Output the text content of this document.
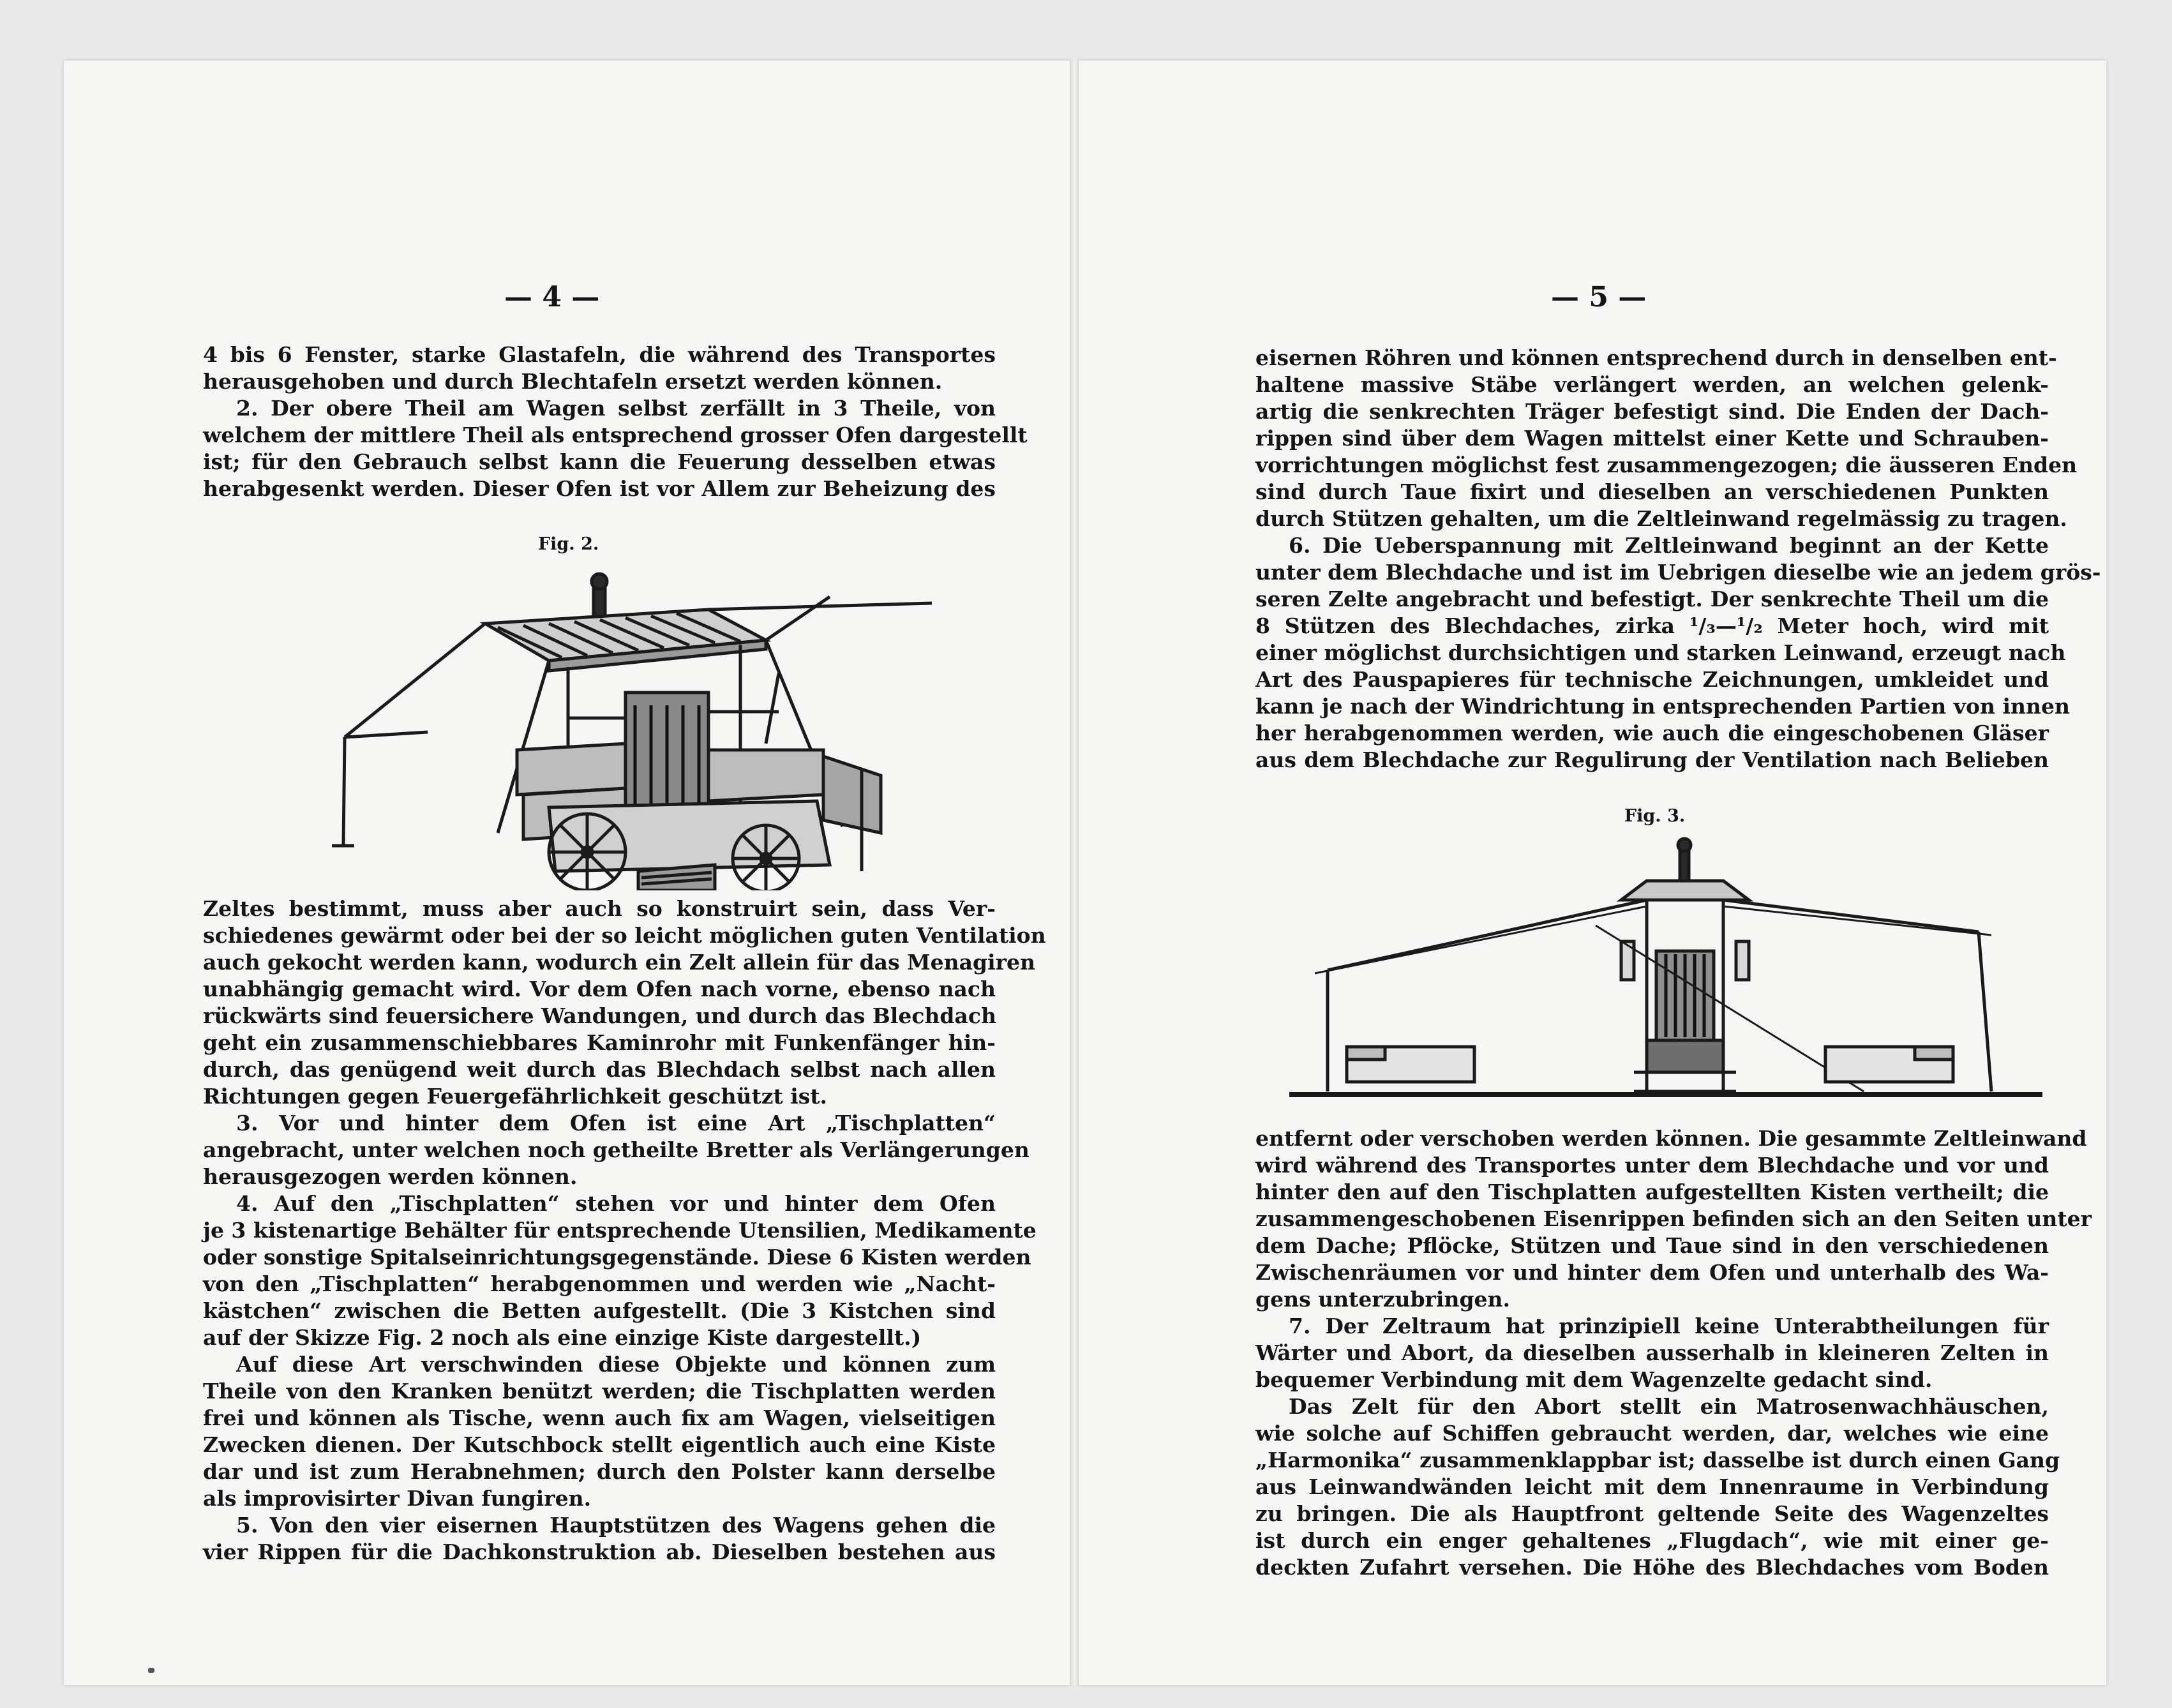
— 4 —

4 bis 6 Fenster, starke Glastafeln, die während des Transportes

herausgehoben und durch Blechtafeln ersetzt werden können.

2. Der obere Theil am Wagen selbst zerfällt in 3 Theile, von

welchem der mittlere Theil als entsprechend grosser Ofen dargestellt

ist; für den Gebrauch selbst kann die Feuerung desselben etwas

herabgesenkt werden. Dieser Ofen ist vor Allem zur Beheizung des

Fig. 2.

Zeltes bestimmt, muss aber auch so konstruirt sein, dass Ver-

schiedenes gewärmt oder bei der so leicht möglichen guten Ventilation

auch gekocht werden kann, wodurch ein Zelt allein für das Menagiren

unabhängig gemacht wird. Vor dem Ofen nach vorne, ebenso nach

rückwärts sind feuersichere Wandungen, und durch das Blechdach

geht ein zusammenschiebbares Kaminrohr mit Funkenfänger hin-

durch, das genügend weit durch das Blechdach selbst nach allen

Richtungen gegen Feuergefährlichkeit geschützt ist.

3. Vor und hinter dem Ofen ist eine Art „Tischplatten“

angebracht, unter welchen noch getheilte Bretter als Verlängerungen

herausgezogen werden können.

4. Auf den „Tischplatten“ stehen vor und hinter dem Ofen

je 3 kistenartige Behälter für entsprechende Utensilien, Medikamente

oder sonstige Spitalseinrichtungsgegenstände. Diese 6 Kisten werden

von den „Tischplatten“ herabgenommen und werden wie „Nacht-

kästchen“ zwischen die Betten aufgestellt. (Die 3 Kistchen sind

auf der Skizze Fig. 2 noch als eine einzige Kiste dargestellt.)

Auf diese Art verschwinden diese Objekte und können zum

Theile von den Kranken benützt werden; die Tischplatten werden

frei und können als Tische, wenn auch fix am Wagen, vielseitigen

Zwecken dienen. Der Kutschbock stellt eigentlich auch eine Kiste

dar und ist zum Herabnehmen; durch den Polster kann derselbe

als improvisirter Divan fungiren.

5. Von den vier eisernen Hauptstützen des Wagens gehen die

vier Rippen für die Dachkonstruktion ab. Dieselben bestehen aus

— 5 —

eisernen Röhren und können entsprechend durch in denselben ent-

haltene massive Stäbe verlängert werden, an welchen gelenk-

artig die senkrechten Träger befestigt sind. Die Enden der Dach-

rippen sind über dem Wagen mittelst einer Kette und Schrauben-

vorrichtungen möglichst fest zusammengezogen; die äusseren Enden

sind durch Taue fixirt und dieselben an verschiedenen Punkten

durch Stützen gehalten, um die Zeltleinwand regelmässig zu tragen.

6. Die Ueberspannung mit Zeltleinwand beginnt an der Kette

unter dem Blechdache und ist im Uebrigen dieselbe wie an jedem grös-

seren Zelte angebracht und befestigt. Der senkrechte Theil um die

8 Stützen des Blechdaches, zirka ¹/₃—¹/₂ Meter hoch, wird mit

einer möglichst durchsichtigen und starken Leinwand, erzeugt nach

Art des Pauspapieres für technische Zeichnungen, umkleidet und

kann je nach der Windrichtung in entsprechenden Partien von innen

her herabgenommen werden, wie auch die eingeschobenen Gläser

aus dem Blechdache zur Regulirung der Ventilation nach Belieben

Fig. 3.

entfernt oder verschoben werden können. Die gesammte Zeltleinwand

wird während des Transportes unter dem Blechdache und vor und

hinter den auf den Tischplatten aufgestellten Kisten vertheilt; die

zusammengeschobenen Eisenrippen befinden sich an den Seiten unter

dem Dache; Pflöcke, Stützen und Taue sind in den verschiedenen

Zwischenräumen vor und hinter dem Ofen und unterhalb des Wa-

gens unterzubringen.

7. Der Zeltraum hat prinzipiell keine Unterabtheilungen für

Wärter und Abort, da dieselben ausserhalb in kleineren Zelten in

bequemer Verbindung mit dem Wagenzelte gedacht sind.

Das Zelt für den Abort stellt ein Matrosenwachhäuschen,

wie solche auf Schiffen gebraucht werden, dar, welches wie eine

„Harmonika“ zusammenklappbar ist; dasselbe ist durch einen Gang

aus Leinwandwänden leicht mit dem Innenraume in Verbindung

zu bringen. Die als Hauptfront geltende Seite des Wagenzeltes

ist durch ein enger gehaltenes „Flugdach“, wie mit einer ge-

deckten Zufahrt versehen. Die Höhe des Blechdaches vom Boden
